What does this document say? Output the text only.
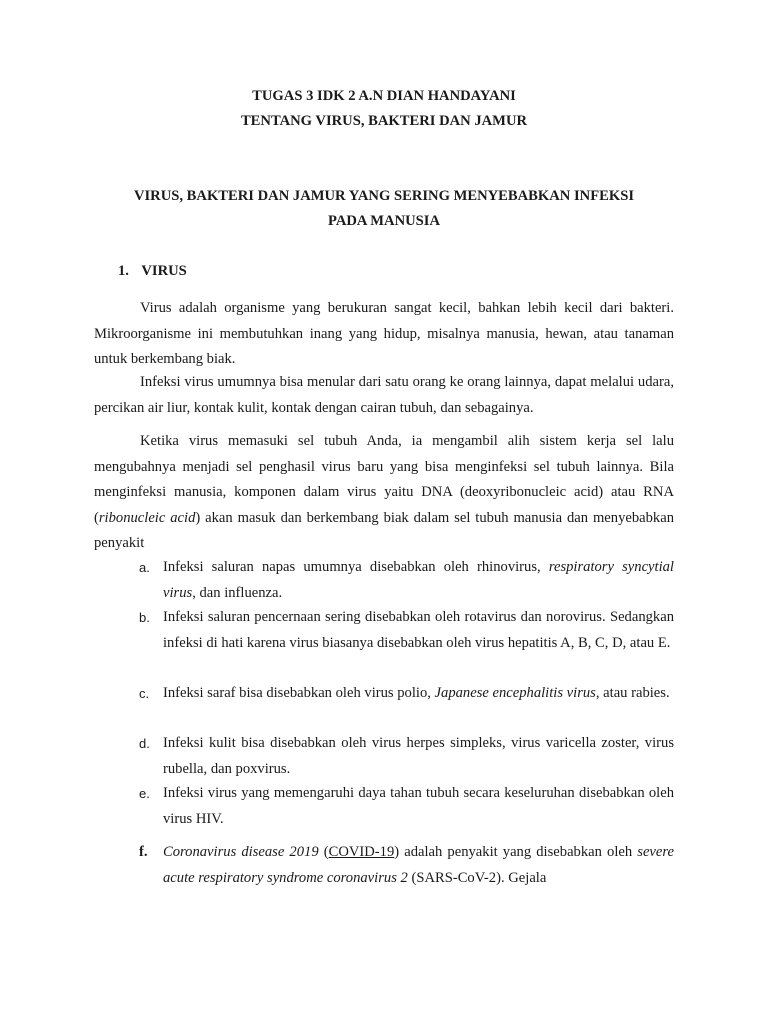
TUGAS 3 IDK 2 A.N DIAN HANDAYANI
TENTANG VIRUS, BAKTERI DAN JAMUR
VIRUS, BAKTERI DAN JAMUR YANG SERING MENYEBABKAN INFEKSI
PADA MANUSIA
1. VIRUS
Virus adalah organisme yang berukuran sangat kecil, bahkan lebih kecil dari bakteri. Mikroorganisme ini membutuhkan inang yang hidup, misalnya manusia, hewan, atau tanaman untuk berkembang biak.
Infeksi virus umumnya bisa menular dari satu orang ke orang lainnya, dapat melalui udara, percikan air liur, kontak kulit, kontak dengan cairan tubuh, dan sebagainya.
Ketika virus memasuki sel tubuh Anda, ia mengambil alih sistem kerja sel lalu mengubahnya menjadi sel penghasil virus baru yang bisa menginfeksi sel tubuh lainnya. Bila menginfeksi manusia, komponen dalam virus yaitu DNA (deoxyribonucleic acid) atau RNA (ribonucleic acid) akan masuk dan berkembang biak dalam sel tubuh manusia dan menyebabkan penyakit
a. Infeksi saluran napas umumnya disebabkan oleh rhinovirus, respiratory syncytial virus, dan influenza.
b. Infeksi saluran pencernaan sering disebabkan oleh rotavirus dan norovirus. Sedangkan infeksi di hati karena virus biasanya disebabkan oleh virus hepatitis A, B, C, D, atau E.
c. Infeksi saraf bisa disebabkan oleh virus polio, Japanese encephalitis virus, atau rabies.
d. Infeksi kulit bisa disebabkan oleh virus herpes simpleks, virus varicella zoster, virus rubella, dan poxvirus.
e. Infeksi virus yang memengaruhi daya tahan tubuh secara keseluruhan disebabkan oleh virus HIV.
f.	Coronavirus disease 2019 (COVID-19) adalah penyakit yang disebabkan oleh severe acute respiratory syndrome coronavirus 2 (SARS-CoV-2). Gejala
